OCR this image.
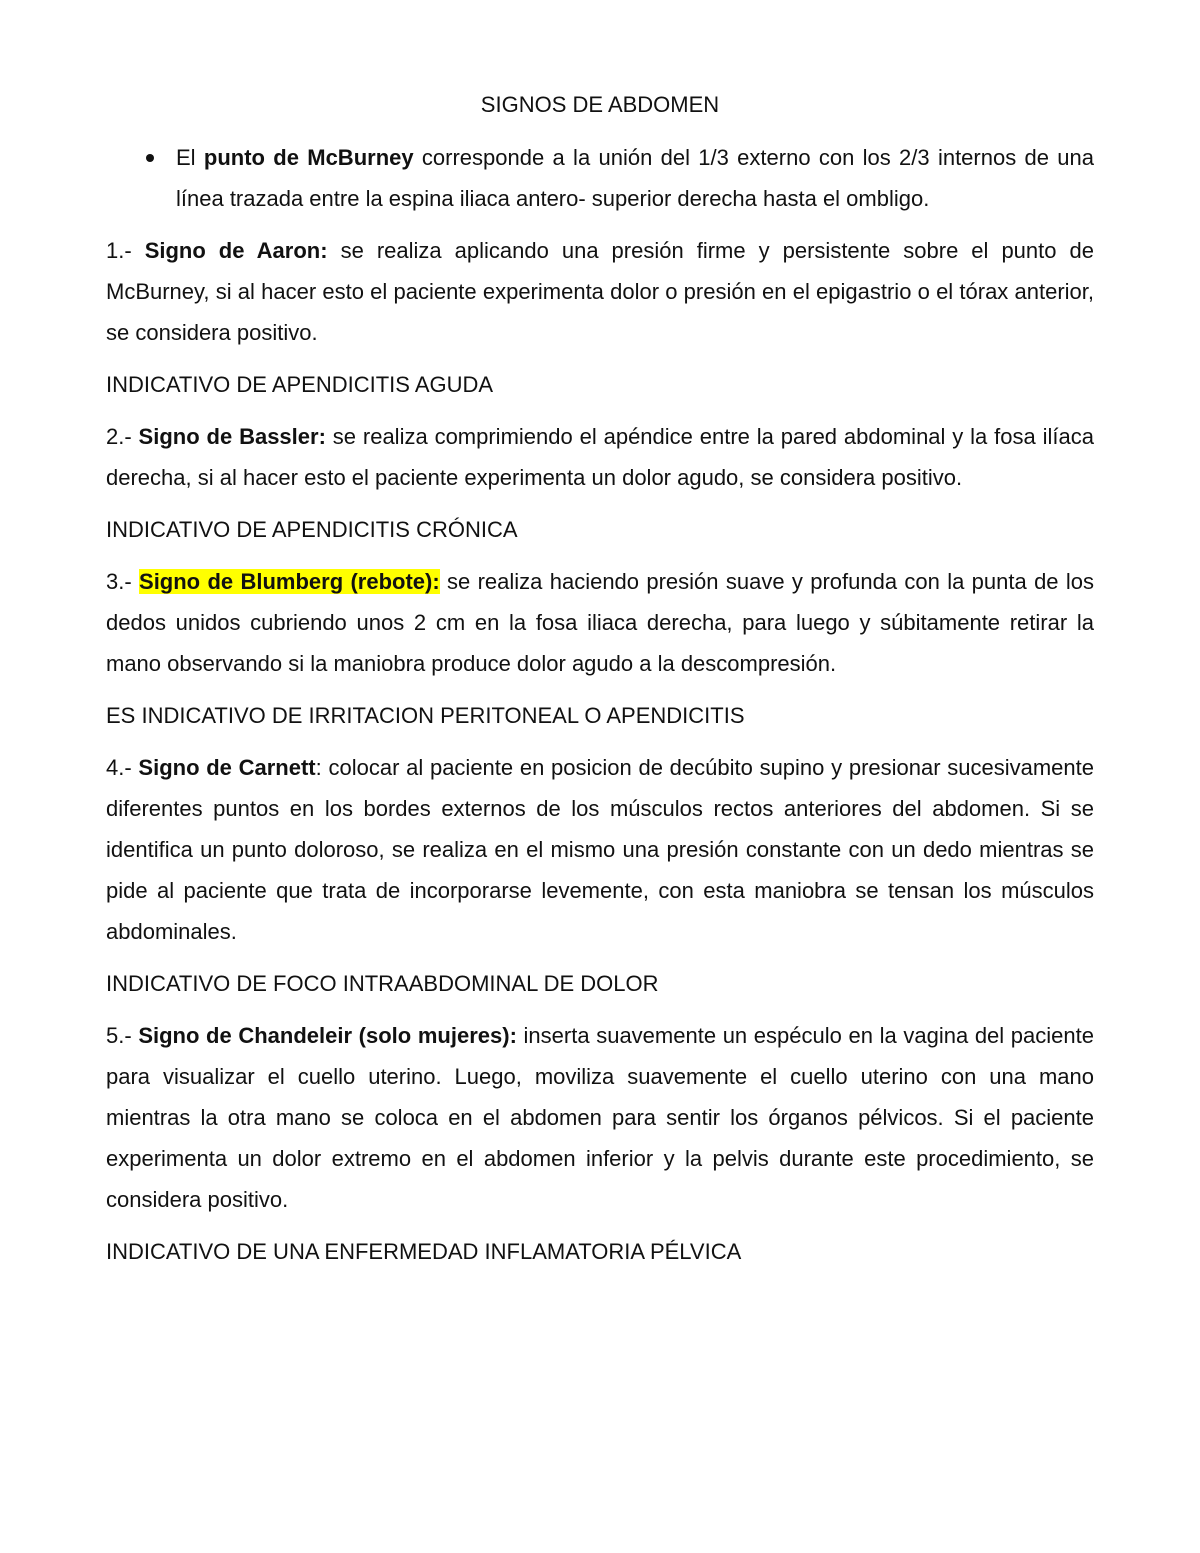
SIGNOS DE ABDOMEN
El punto de McBurney corresponde a la unión del 1/3 externo con los 2/3 internos de una línea trazada entre la espina iliaca antero- superior derecha hasta el ombligo.

1.- Signo de Aaron: se realiza aplicando una presión firme y persistente sobre el punto de McBurney, si al hacer esto el paciente experimenta dolor o presión en el epigastrio o el tórax anterior, se considera positivo.

INDICATIVO DE APENDICITIS AGUDA

2.- Signo de Bassler: se realiza comprimiendo el apéndice entre la pared abdominal y la fosa ilíaca derecha, si al hacer esto el paciente experimenta un dolor agudo, se considera positivo.

INDICATIVO DE APENDICITIS CRÓNICA

3.- Signo de Blumberg (rebote): se realiza haciendo presión suave y profunda con la punta de los dedos unidos cubriendo unos 2 cm en la fosa iliaca derecha, para luego y súbitamente retirar la mano observando si la maniobra produce dolor agudo a la descompresión.

ES INDICATIVO DE IRRITACION PERITONEAL O APENDICITIS

4.- Signo de Carnett: colocar al paciente en posicion de decúbito supino y presionar sucesivamente diferentes puntos en los bordes externos de los músculos rectos anteriores del abdomen. Si se identifica un punto doloroso, se realiza en el mismo una presión constante con un dedo mientras se pide al paciente que trata de incorporarse levemente, con esta maniobra se tensan los músculos abdominales.

INDICATIVO DE FOCO INTRAABDOMINAL DE DOLOR

5.- Signo de Chandeleir (solo mujeres): inserta suavemente un espéculo en la vagina del paciente para visualizar el cuello uterino. Luego, moviliza suavemente el cuello uterino con una mano mientras la otra mano se coloca en el abdomen para sentir los órganos pélvicos. Si el paciente experimenta un dolor extremo en el abdomen inferior y la pelvis durante este procedimiento, se considera positivo.

INDICATIVO DE UNA ENFERMEDAD INFLAMATORIA PÉLVICA
